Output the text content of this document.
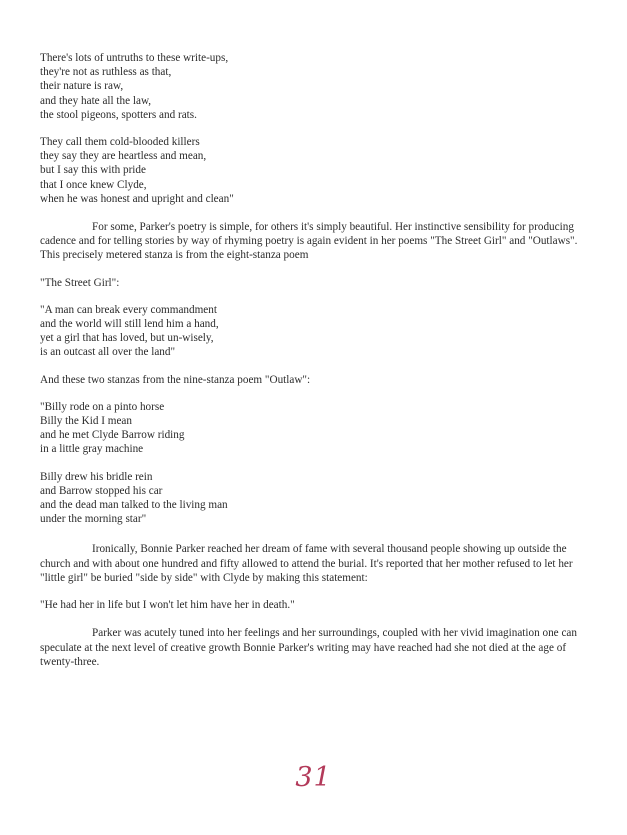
There's lots of untruths to these write-ups,
they're not as ruthless as that,
their nature is raw,
and they hate all the law,
the stool pigeons, spotters and rats.
They call them cold-blooded killers
they say they are heartless and mean,
but I say this with pride
that I once knew Clyde,
when he was honest and upright and clean"

For some, Parker's poetry is simple, for others it's simply beautiful. Her instinctive sensibility for producing cadence and for telling stories by way of rhyming poetry is again evident in her poems "The Street Girl" and "Outlaws". This precisely metered stanza is from the eight-stanza poem

"The Street Girl":

"A man can break every commandment
and the world will still lend him a hand,
yet a girl that has loved, but un-wisely,
is an outcast all over the land"

And these two stanzas from the nine-stanza poem "Outlaw":

"Billy rode on a pinto horse
Billy the Kid I mean
and he met Clyde Barrow riding
in a little gray machine
Billy drew his bridle rein
and Barrow stopped his car
and the dead man talked to the living man
under the morning star"

Ironically, Bonnie Parker reached her dream of fame with several thousand people showing up outside the church and with about one hundred and fifty allowed to attend the burial. It's reported that her mother refused to let her "little girl" be buried "side by side" with Clyde by making this statement:

"He had her in life but I won't let him have her in death."

Parker was acutely tuned into her feelings and her surroundings, coupled with her vivid imagination one can speculate at the next level of creative growth Bonnie Parker's writing may have reached had she not died at the age of twenty-three.

31
